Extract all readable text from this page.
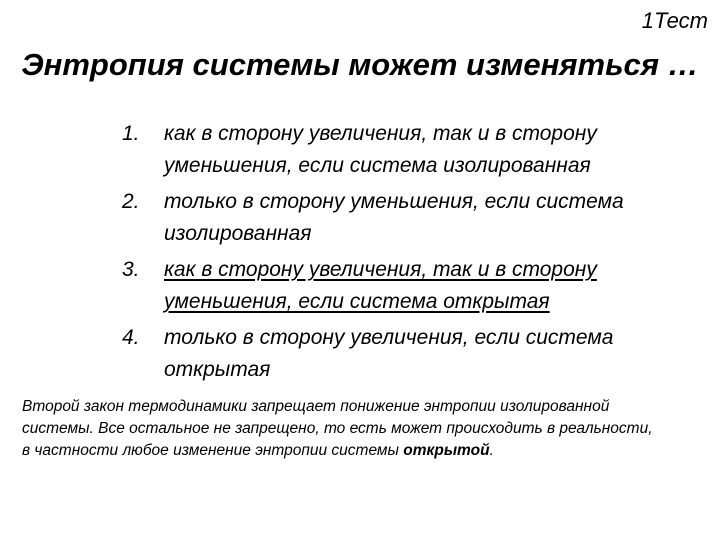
1Тест
Энтропия системы может изменяться …
1.	как в сторону увеличения, так и в сторону уменьшения, если система изолированная
2.	только в сторону уменьшения, если система изолированная
3.	как в сторону увеличения, так и в сторону уменьшения, если система открытая
4.	только в сторону увеличения, если система открытая

Второй закон термодинамики запрещает понижение энтропии изолированной системы. Все остальное не запрещено, то есть может происходить в реальности, в частности любое изменение энтропии системы открытой.
